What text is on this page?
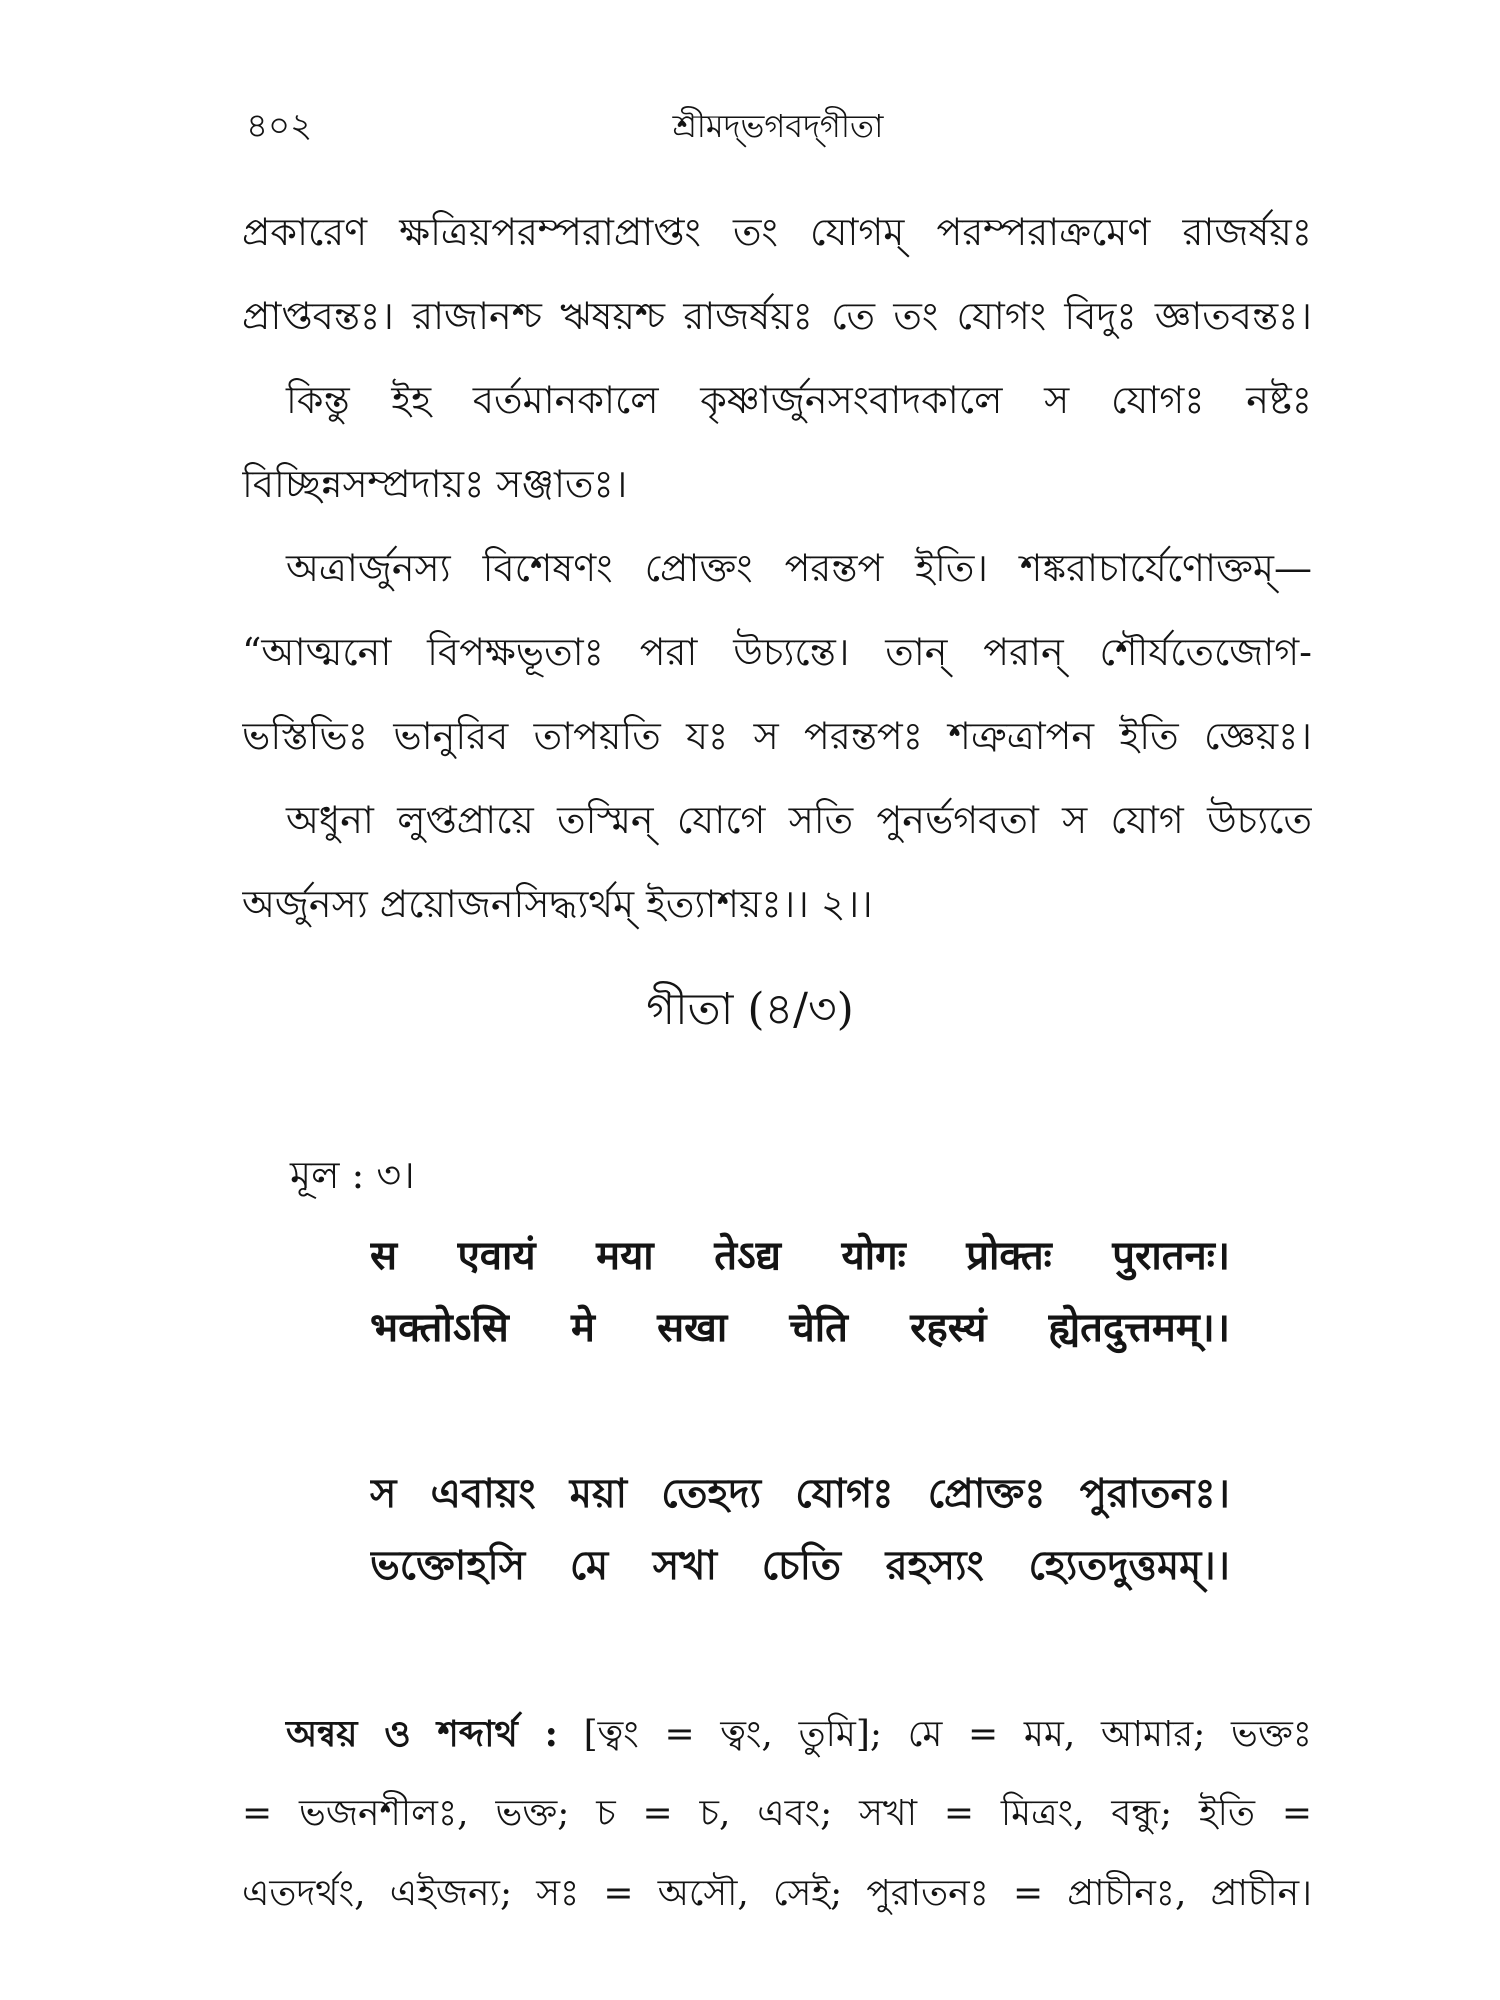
৪০২	শ্রীমদ্‌ভগবদ্‌গীতা
প্রকারেণ ক্ষত্রিয়পরম্পরাপ্রাপ্তং তং যোগম্ পরম্পরাক্রমেণ রাজর্ষয়ঃ
প্রাপ্তবন্তঃ। রাজানশ্চ ঋষয়শ্চ রাজর্ষয়ঃ তে তং যোগং বিদুঃ জ্ঞাতবন্তঃ।
কিন্তু ইহ বর্তমানকালে কৃষ্ণার্জুনসংবাদকালে স যোগঃ নষ্টঃ
বিচ্ছিন্নসম্প্রদায়ঃ সঞ্জাতঃ।
অত্রার্জুনস্য বিশেষণং প্রোক্তং পরন্তপ ইতি। শঙ্করাচার্যেণোক্তম্—
“আত্মনো বিপক্ষভূতাঃ পরা উচ্যন্তে। তান্ পরান্ শৌর্যতেজোগ-
ভস্তিভিঃ ভানুরিব তাপয়তি যঃ স পরন্তপঃ শত্রুত্রাপন ইতি জ্ঞেয়ঃ।
অধুনা লুপ্তপ্রায়ে তস্মিন্ যোগে সতি পুনর্ভগবতা স যোগ উচ্যতে
অর্জুনস্য প্রয়োজনসিদ্ধ্যর্থম্ ইত্যাশয়ঃ।। ২।।
গীতা (৪/৩)
মূল : ৩।
स एवायं मया तेऽद्य योगः प्रोक्तः पुरातनः।
भक्तोऽसि मे सखा चेति रहस्यं ह्येतदुत्तमम्।।
স এবায়ং ময়া তেহদ্য যোগঃ প্রোক্তঃ পুরাতনঃ।
ভক্তোহসি মে সখা চেতি রহস্যং হ্যেতদুত্তমম্।।
অন্বয় ও শব্দার্থ : [ত্বং = ত্বং, তুমি]; মে = মম, আমার; ভক্তঃ
= ভজনশীলঃ, ভক্ত; চ = চ, এবং; সখা = মিত্রং, বন্ধু; ইতি =
এতদর্থং, এইজন্য; সঃ = অসৌ, সেই; পুরাতনঃ = প্রাচীনঃ, প্রাচীন।
